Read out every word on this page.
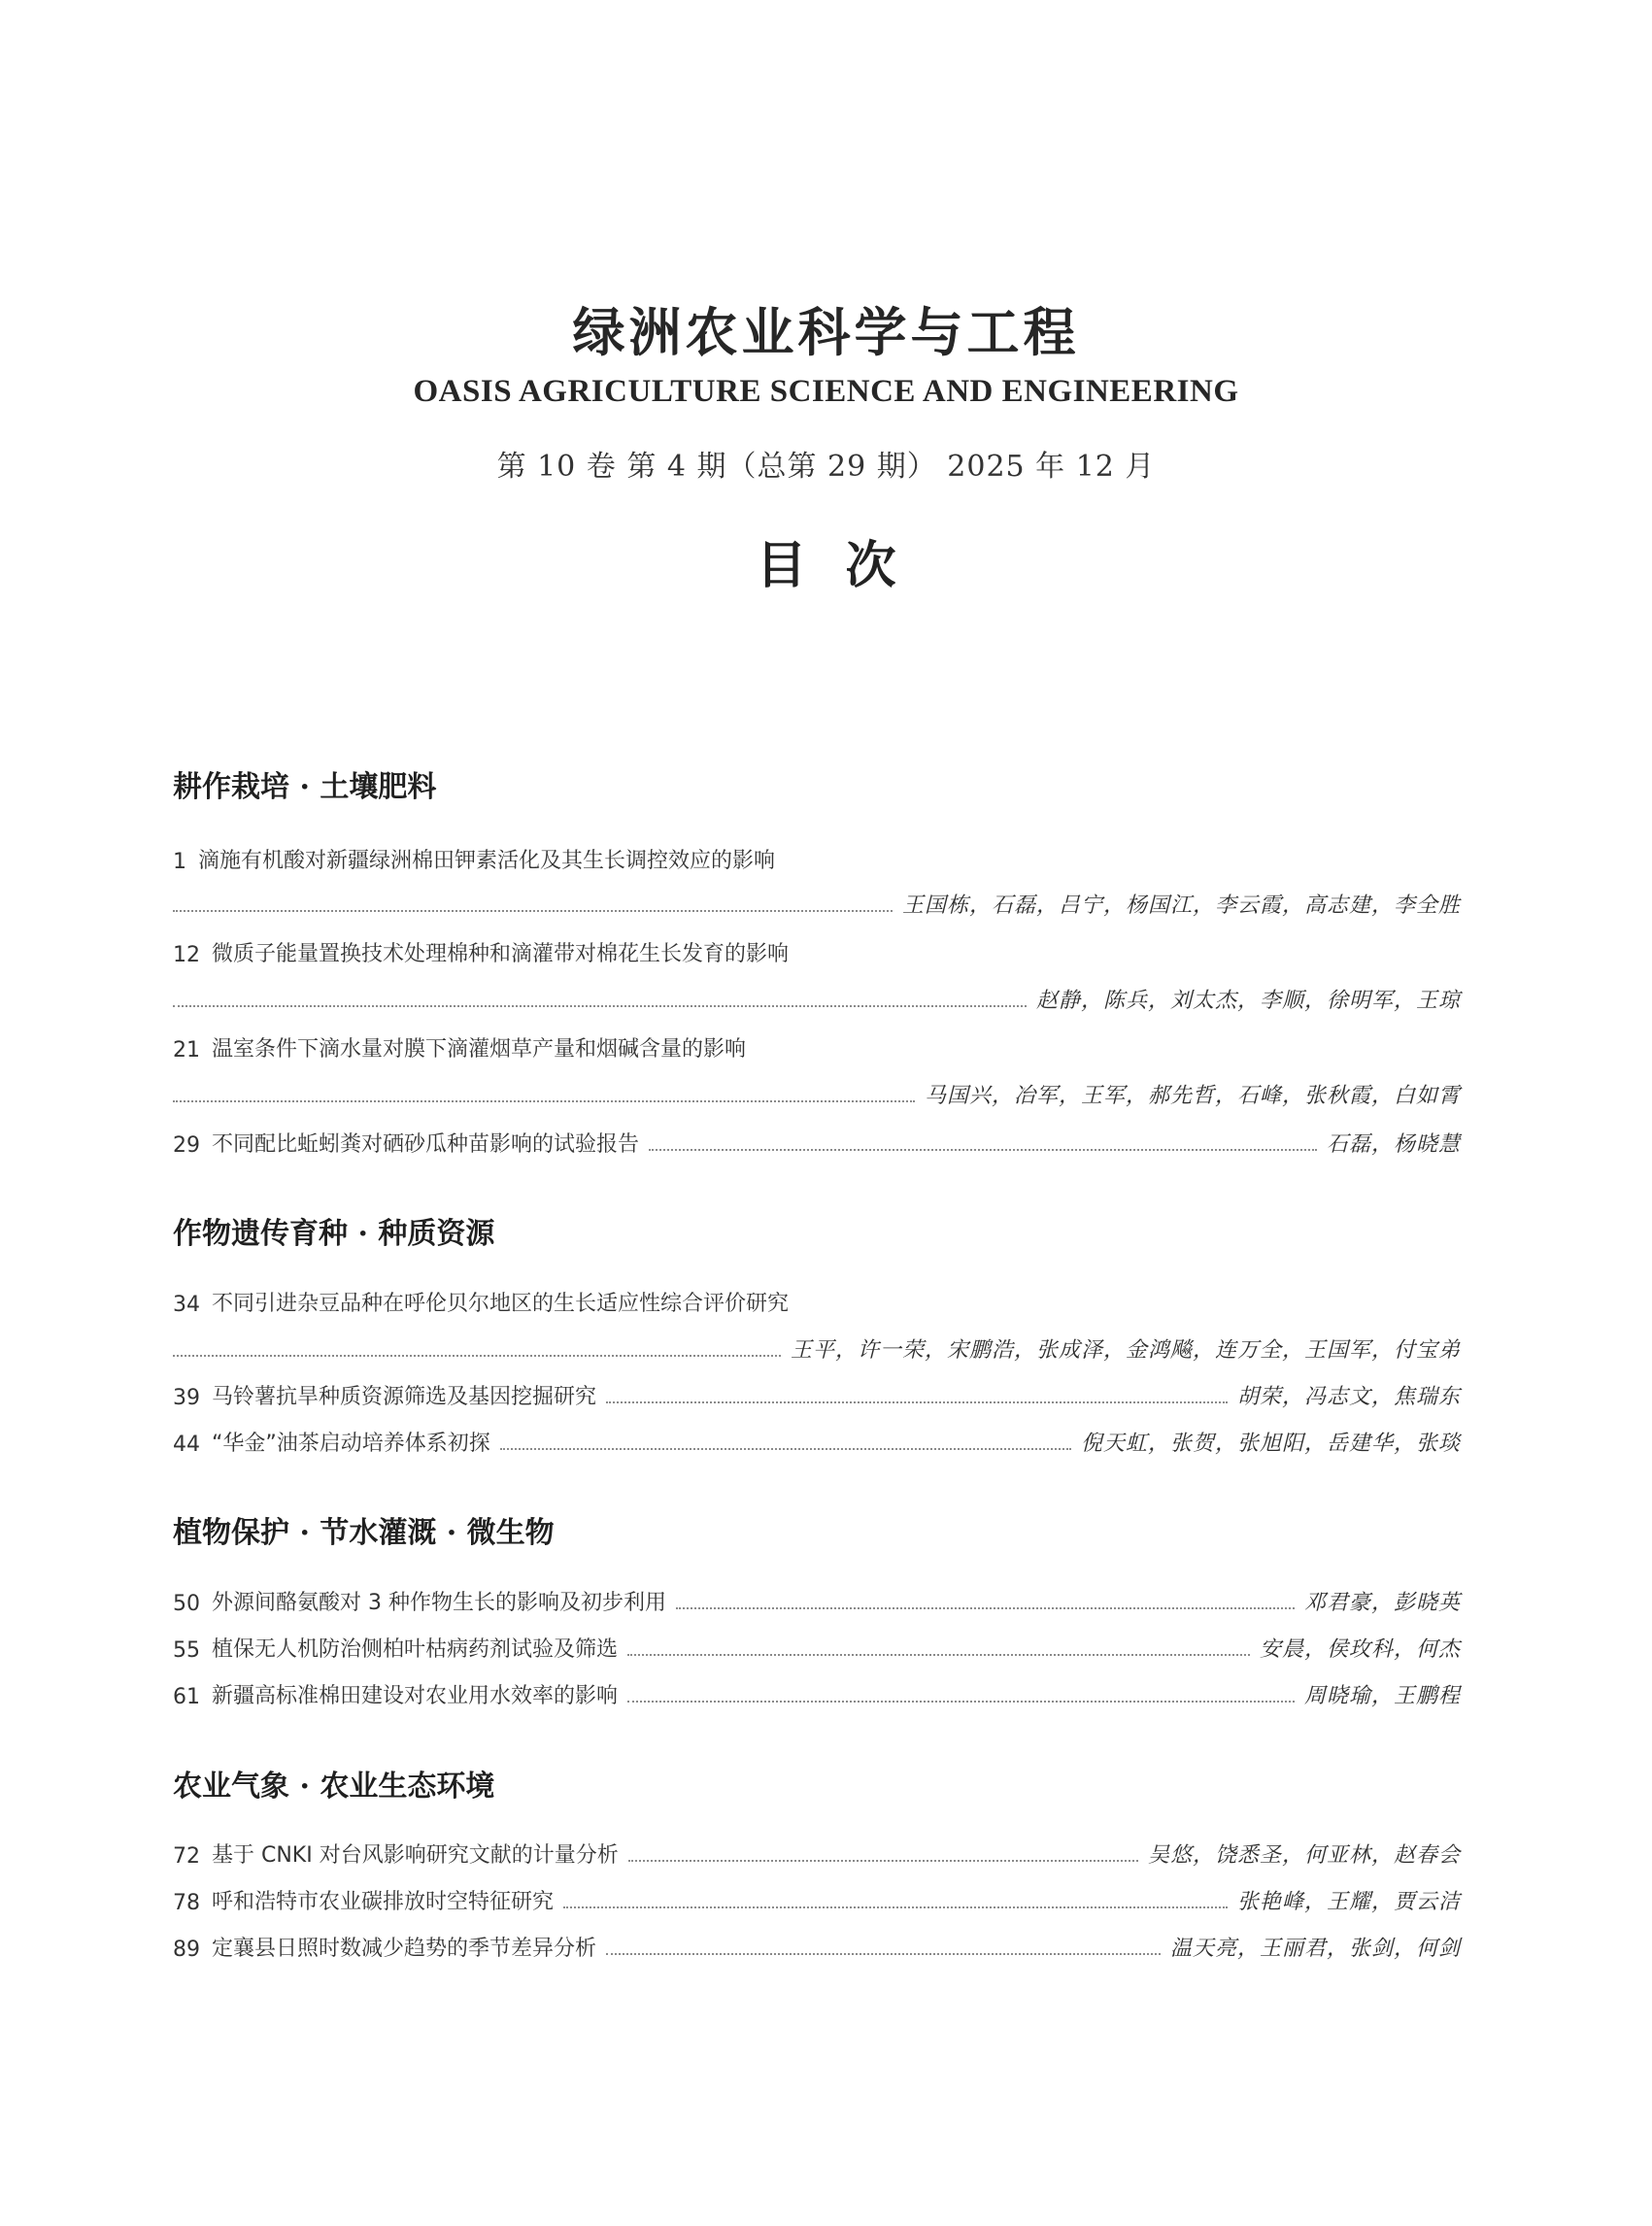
绿洲农业科学与工程
OASIS AGRICULTURE SCIENCE AND ENGINEERING
第 10 卷 第 4 期（总第 29 期） 2025 年 12 月
目次
耕作栽培 · 土壤肥料
1 滴施有机酸对新疆绿洲棉田钾素活化及其生长调控效应的影响
王国栋，石磊，吕宁，杨国江，李云霞，高志建，李全胜
12 微质子能量置换技术处理棉种和滴灌带对棉花生长发育的影响
赵静，陈兵，刘太杰，李顺，徐明军，王琼
21 温室条件下滴水量对膜下滴灌烟草产量和烟碱含量的影响
马国兴，冶军，王军，郝先哲，石峰，张秋霞，白如霄
29 不同配比蚯蚓粪对硒砂瓜种苗影响的试验报告	石磊，杨晓慧
作物遗传育种 · 种质资源
34 不同引进杂豆品种在呼伦贝尔地区的生长适应性综合评价研究
王平，许一荣，宋鹏浩，张成泽，金鸿飚，连万全，王国军，付宝弟
39 马铃薯抗旱种质资源筛选及基因挖掘研究	胡荣，冯志文，焦瑞东
44 “华金”油茶启动培养体系初探	倪天虹，张贺，张旭阳，岳建华，张琰
植物保护 · 节水灌溉 · 微生物
50 外源间酪氨酸对 3 种作物生长的影响及初步利用	邓君豪，彭晓英
55 植保无人机防治侧柏叶枯病药剂试验及筛选	安晨，侯玫科，何杰
61 新疆高标准棉田建设对农业用水效率的影响	周晓瑜，王鹏程
农业气象 · 农业生态环境
72 基于 CNKI 对台风影响研究文献的计量分析	吴悠，饶悉圣，何亚林，赵春会
78 呼和浩特市农业碳排放时空特征研究	张艳峰，王耀，贾云洁
89 定襄县日照时数减少趋势的季节差异分析	温天亮，王丽君，张剑，何剑
